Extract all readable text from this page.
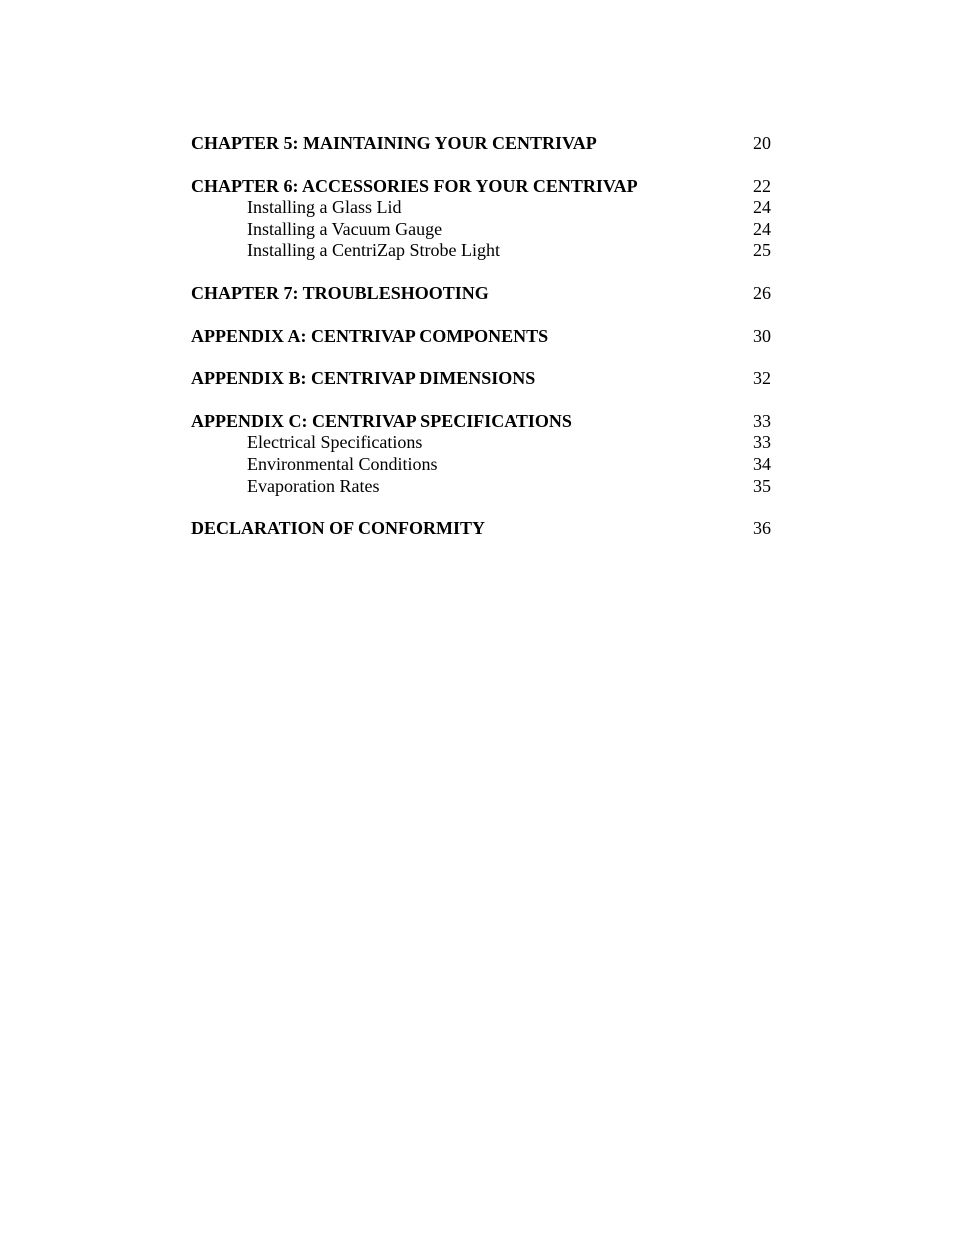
CHAPTER 5: MAINTAINING YOUR CENTRIVAP	20
CHAPTER 6: ACCESSORIES FOR YOUR CENTRIVAP	22
Installing a Glass Lid	24
Installing a Vacuum Gauge	24
Installing a CentriZap Strobe Light	25
CHAPTER 7: TROUBLESHOOTING	26
APPENDIX A: CENTRIVAP COMPONENTS	30
APPENDIX B: CENTRIVAP DIMENSIONS	32
APPENDIX C: CENTRIVAP SPECIFICATIONS	33
Electrical Specifications	33
Environmental Conditions	34
Evaporation Rates	35
DECLARATION OF CONFORMITY	36
